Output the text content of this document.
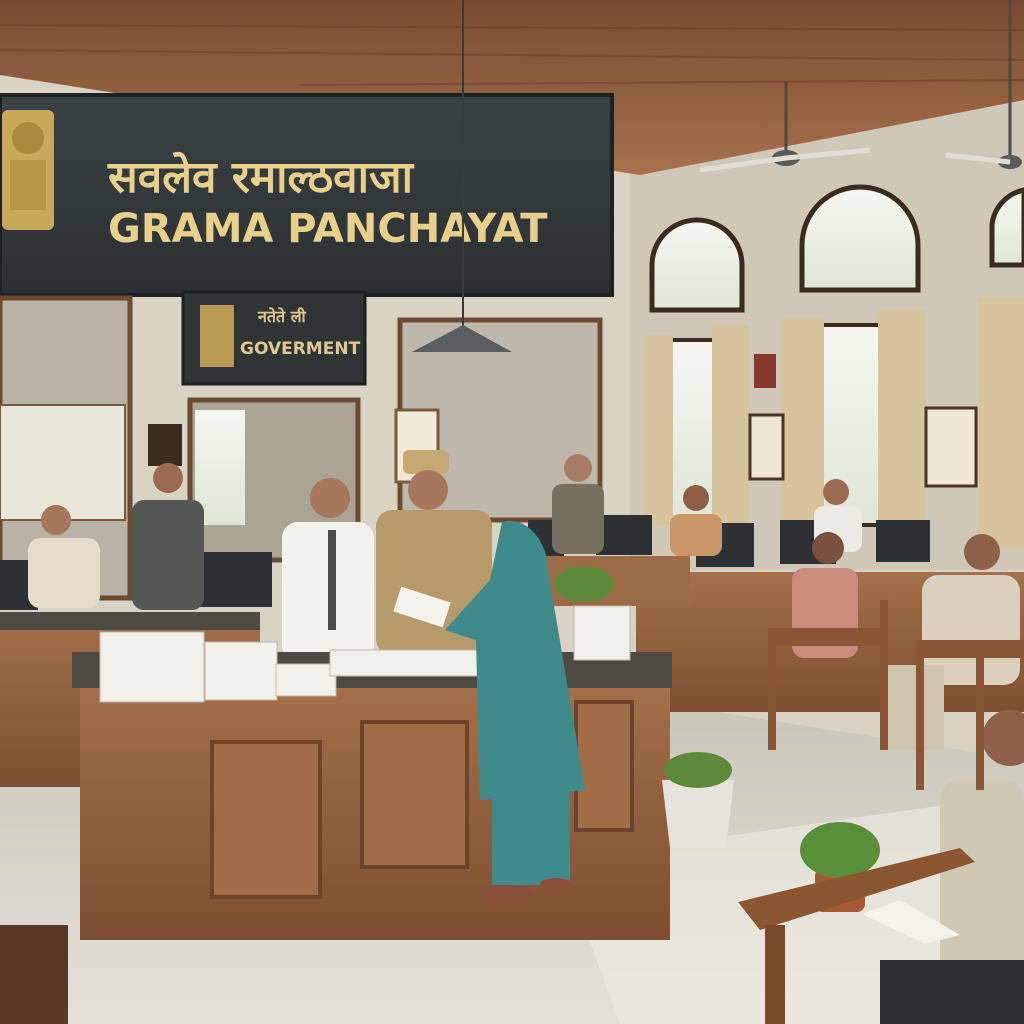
सवलेव रमाल्ठवाजा
GRAMA PANCHAYAT
नतेते ली
GOVERMENT
